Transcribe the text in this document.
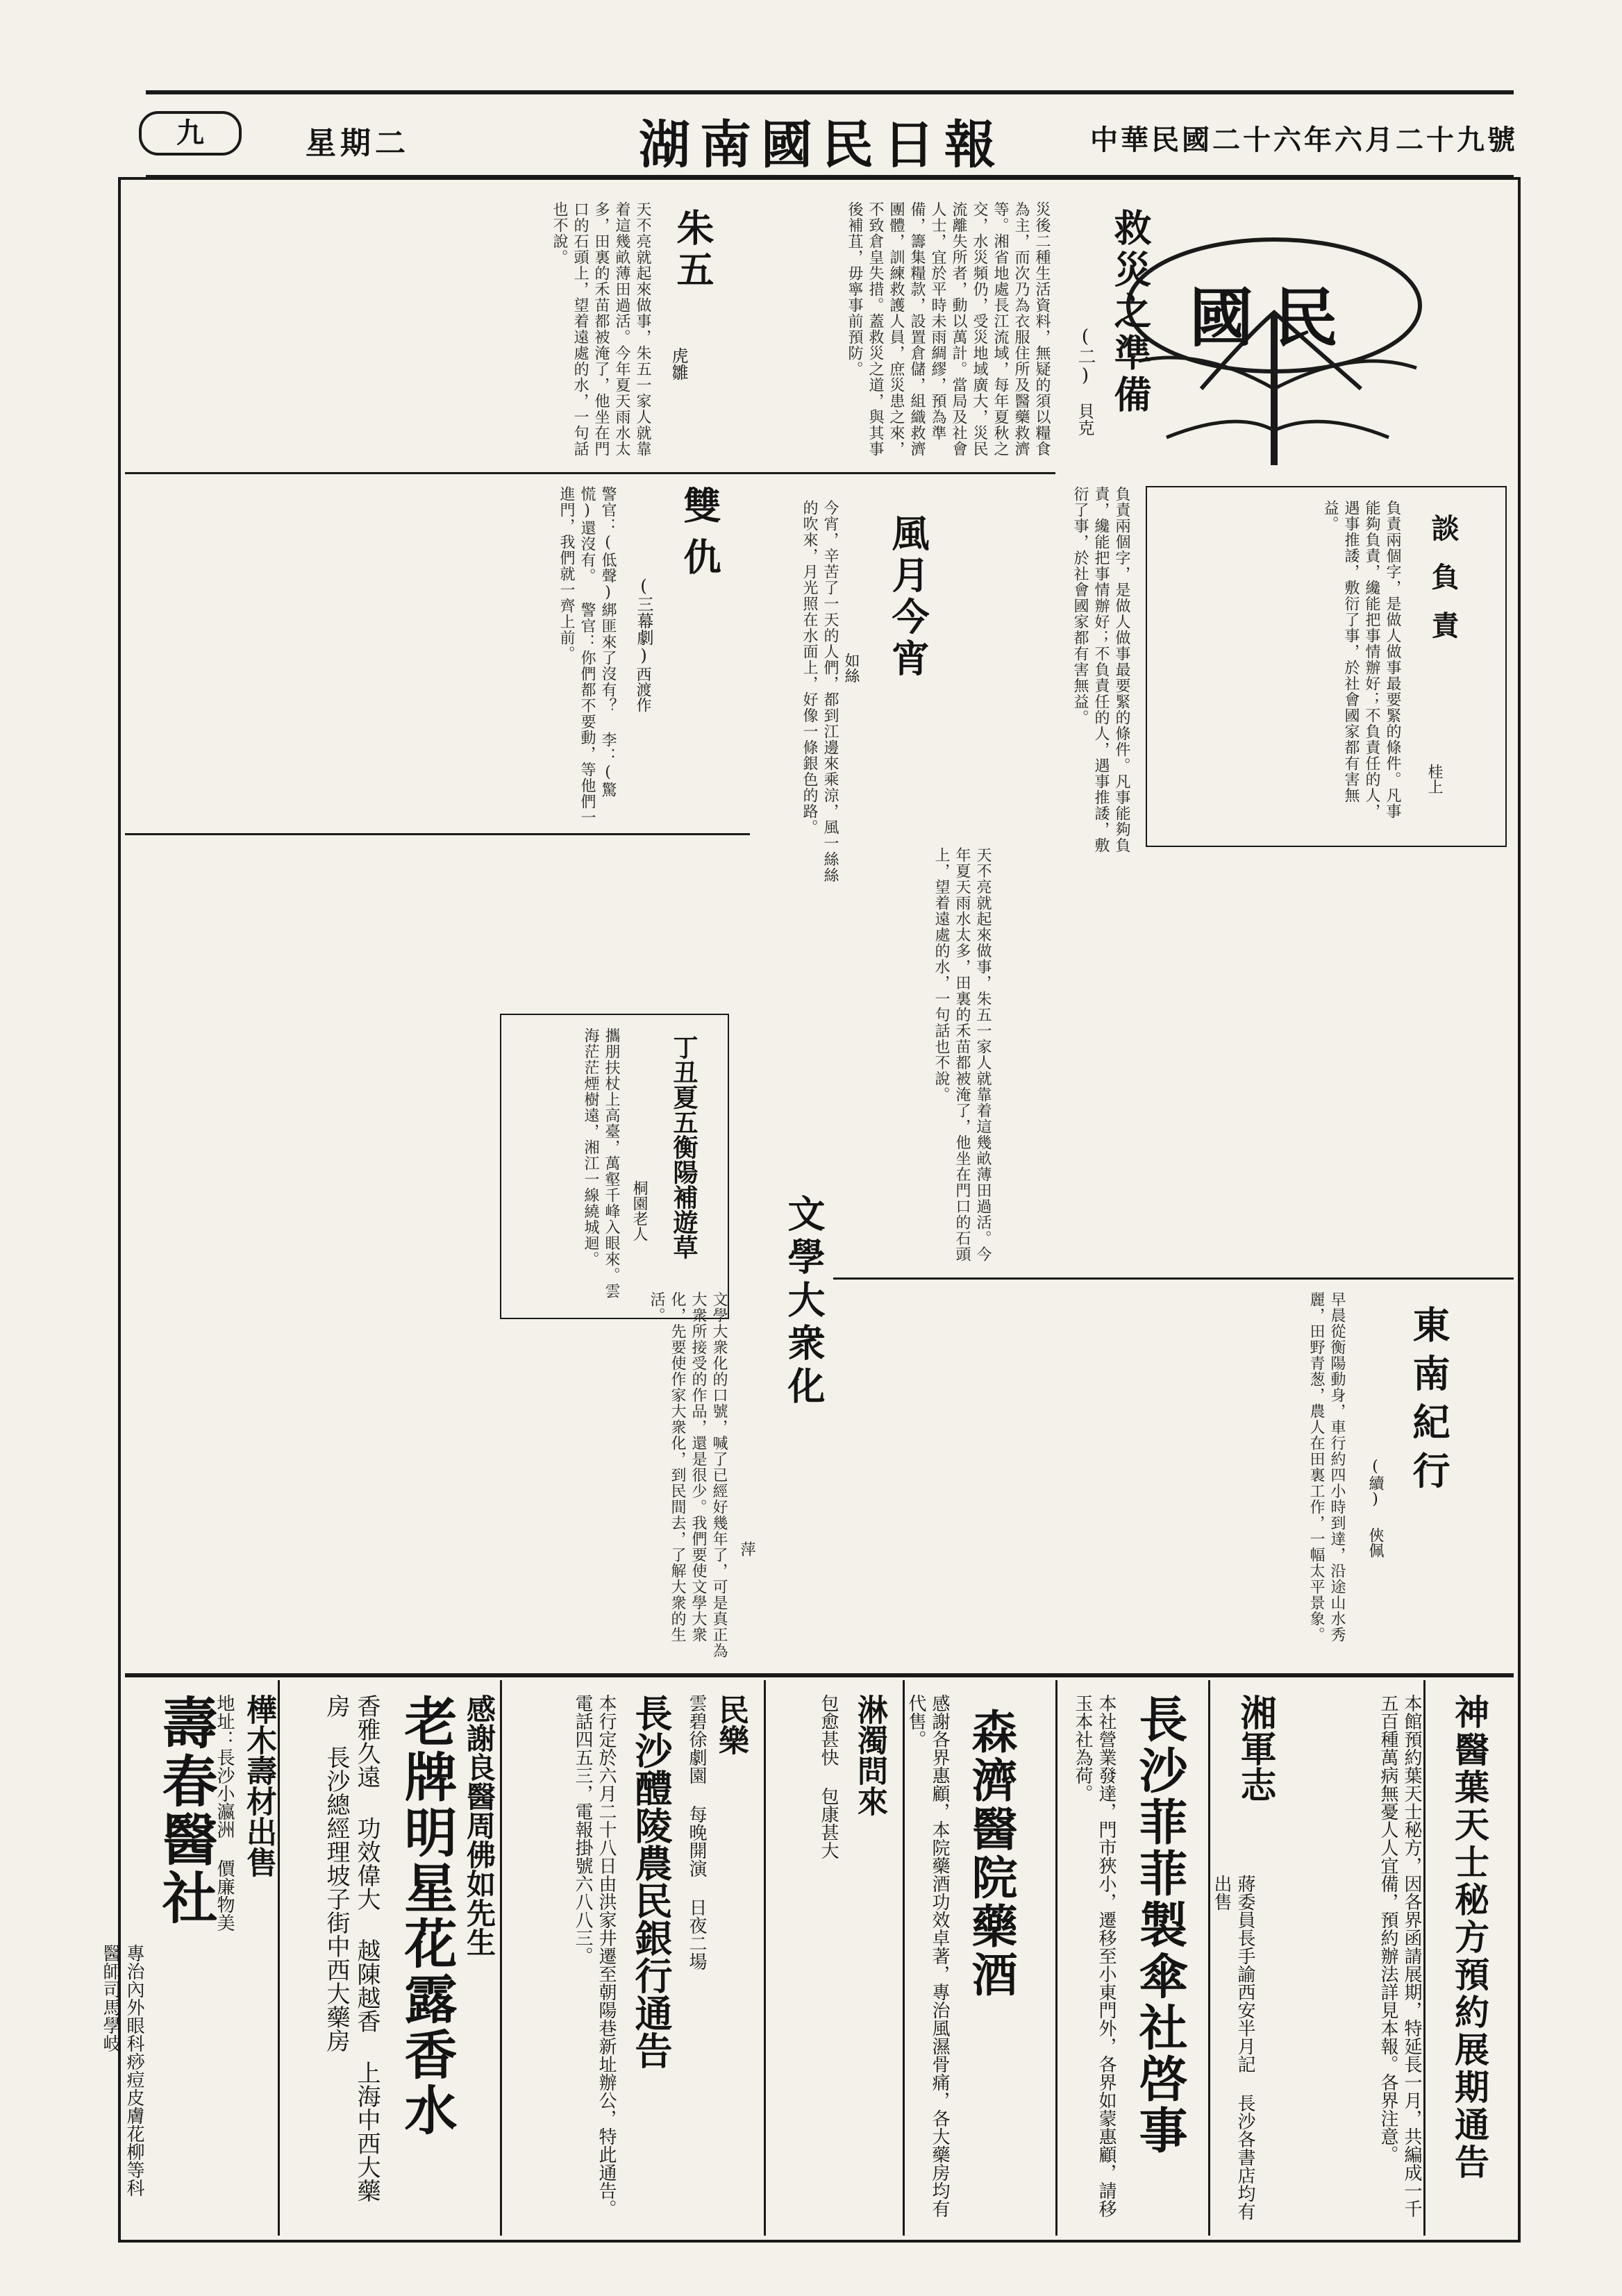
九	星期二	湖南國民日報	中華民國二十六年六月二十九號
國民
救災之準備
(二)
貝克
災後二種生活資料，無疑的須以糧食為主，而次乃為衣服住所及醫藥救濟等。湘省地處長江流域，每年夏秋之交，水災頻仍，受災地域廣大，災民流離失所者，動以萬計。當局及社會人士，宜於平時未雨綢繆，預為準備，籌集糧款，設置倉儲，組織救濟團體，訓練救護人員，庶災患之來，不致倉皇失措。蓋救災之道，與其事後補苴，毋寧事前預防。
朱五
虎雛
天不亮就起來做事，朱五一家人就靠着這幾畝薄田過活。今年夏天雨水太多，田裏的禾苗都被淹了，他坐在門口的石頭上，望着遠處的水，一句話也不說。
談負責
桂上
負責兩個字，是做人做事最要緊的條件。凡事能夠負責，纔能把事情辦好；不負責任的人，遇事推諉，敷衍了事，於社會國家都有害無益。
風月今宵
如絲
今宵，辛苦了一天的人們，都到江邊來乘涼，風一絲絲的吹來，月光照在水面上，好像一條銀色的路。	負責兩個字，是做人做事最要緊的條件。凡事能夠負責，纔能把事情辦好；不負責任的人，遇事推諉，敷衍了事，於社會國家都有害無益。
雙仇
(三幕劇)
西渡作
警官：(低聲)綁匪來了沒有？ 李：(驚慌)還沒有。 警官：你們都不要動，等他們一進門，我們就一齊上前。
天不亮就起來做事，朱五一家人就靠着這幾畝薄田過活。今年夏天雨水太多，田裏的禾苗都被淹了，他坐在門口的石頭上，望着遠處的水，一句話也不說。
丁丑夏五衡陽補遊草
桐園老人
攜朋扶杖上高臺，萬壑千峰入眼來。雲海茫茫煙樹遠，湘江一線繞城迴。
東南紀行
(續)
俠佩
早晨從衡陽動身，車行約四小時到達，沿途山水秀麗，田野青葱，農人在田裏工作，一幅太平景象。
文學大衆化
萍
文學大衆化的口號，喊了已經好幾年了，可是真正為大衆所接受的作品，還是很少。我們要使文學大衆化，先要使作家大衆化，到民間去，了解大衆的生活。
神醫葉天士秘方預約展期通告
本館預約葉天士秘方，因各界函請展期，特延長一月，共編成一千五百種萬病無憂人人宜備，預約辦法詳見本報。各界注意。
湘軍志
蔣委員長手諭西安半月記 長沙各書店均有出售
長沙菲菲製傘社啓事
本社營業發達，門市狹小，遷移至小東門外，各界如蒙惠顧，請移玉本社為荷。
森濟醫院藥酒
感謝各界惠顧，本院藥酒功效卓著，專治風濕骨痛，各大藥房均有代售。
淋濁問來
包愈甚快 包康甚大
民樂
雲碧徐劇園 每晚開演 日夜二場
長沙醴陵農民銀行通告
本行定於六月二十八日由洪家井遷至朝陽巷新址辦公，特此通告。電話四五三，電報掛號六八八三。
感謝良醫周佛如先生
老牌明星花露香水
香雅久遠 功效偉大 越陳越香 上海中西大藥房 長沙總經理坡子街中西大藥房
樺木壽材出售
地址：長沙小瀛洲 價廉物美
壽春醫社
專治內外眼科痧痘皮膚花柳等科 醫師司馬學岐
